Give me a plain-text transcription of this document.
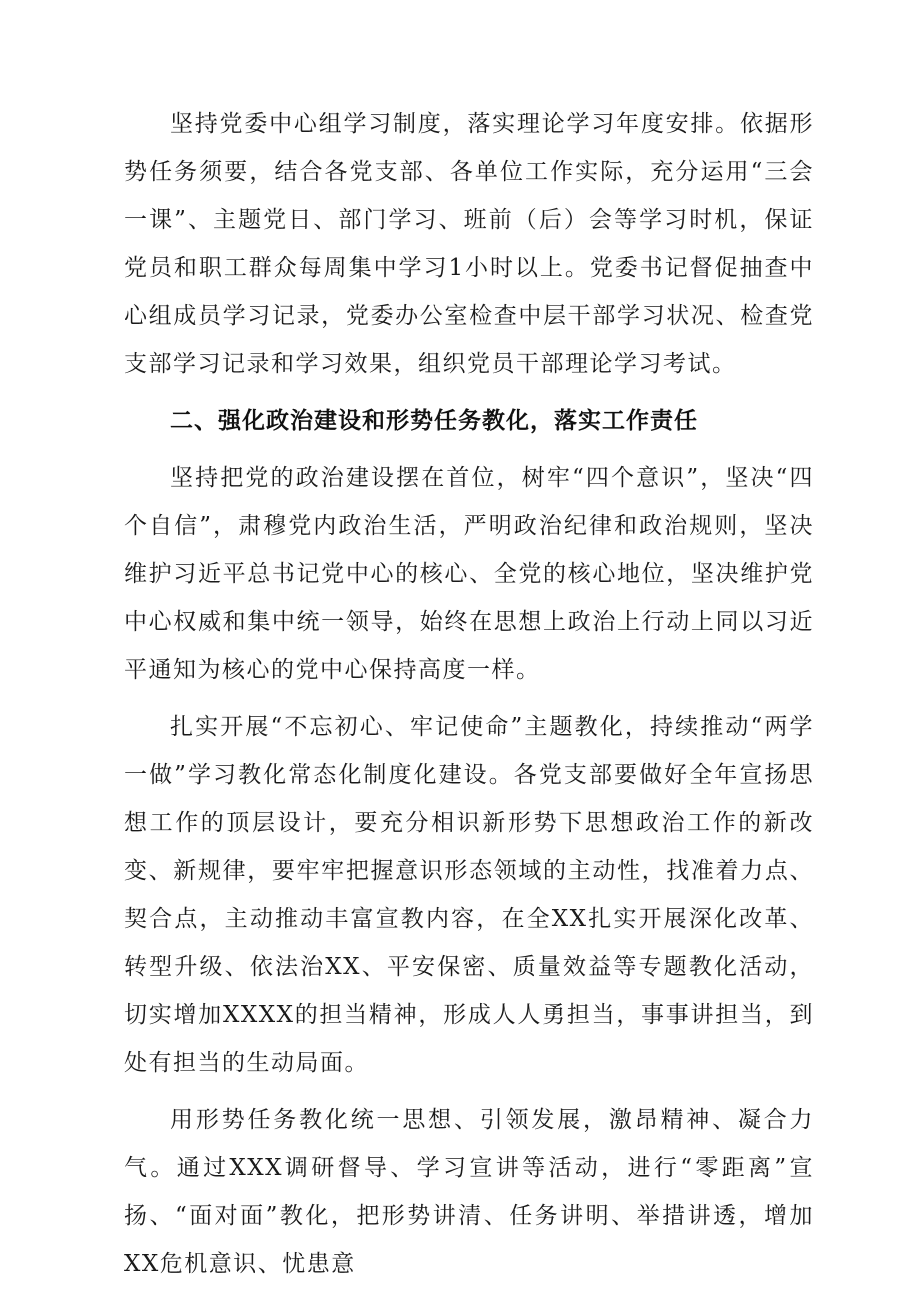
坚持党委中心组学习制度，落实理论学习年度安排。依据形势任务须要，结合各党支部、各单位工作实际，充分运用“三会一课”、主题党日、部门学习、班前（后）会等学习时机，保证党员和职工群众每周集中学习1小时以上。党委书记督促抽查中心组成员学习记录，党委办公室检查中层干部学习状况、检查党支部学习记录和学习效果，组织党员干部理论学习考试。

二、强化政治建设和形势任务教化，落实工作责任

坚持把党的政治建设摆在首位，树牢“四个意识”，坚决“四个自信”，肃穆党内政治生活，严明政治纪律和政治规则，坚决维护习近平总书记党中心的核心、全党的核心地位，坚决维护党中心权威和集中统一领导，始终在思想上政治上行动上同以习近平通知为核心的党中心保持高度一样。

扎实开展“不忘初心、牢记使命”主题教化，持续推动“两学一做”学习教化常态化制度化建设。各党支部要做好全年宣扬思想工作的顶层设计，要充分相识新形势下思想政治工作的新改变、新规律，要牢牢把握意识形态领域的主动性，找准着力点、契合点，主动推动丰富宣教内容，在全XX扎实开展深化改革、转型升级、依法治XX、平安保密、质量效益等专题教化活动，切实增加XXXX的担当精神，形成人人勇担当，事事讲担当，到处有担当的生动局面。

用形势任务教化统一思想、引领发展，激昂精神、凝合力气。通过XXX调研督导、学习宣讲等活动，进行“零距离”宣扬、“面对面”教化，把形势讲清、任务讲明、举措讲透，增加XX危机意识、忧患意
